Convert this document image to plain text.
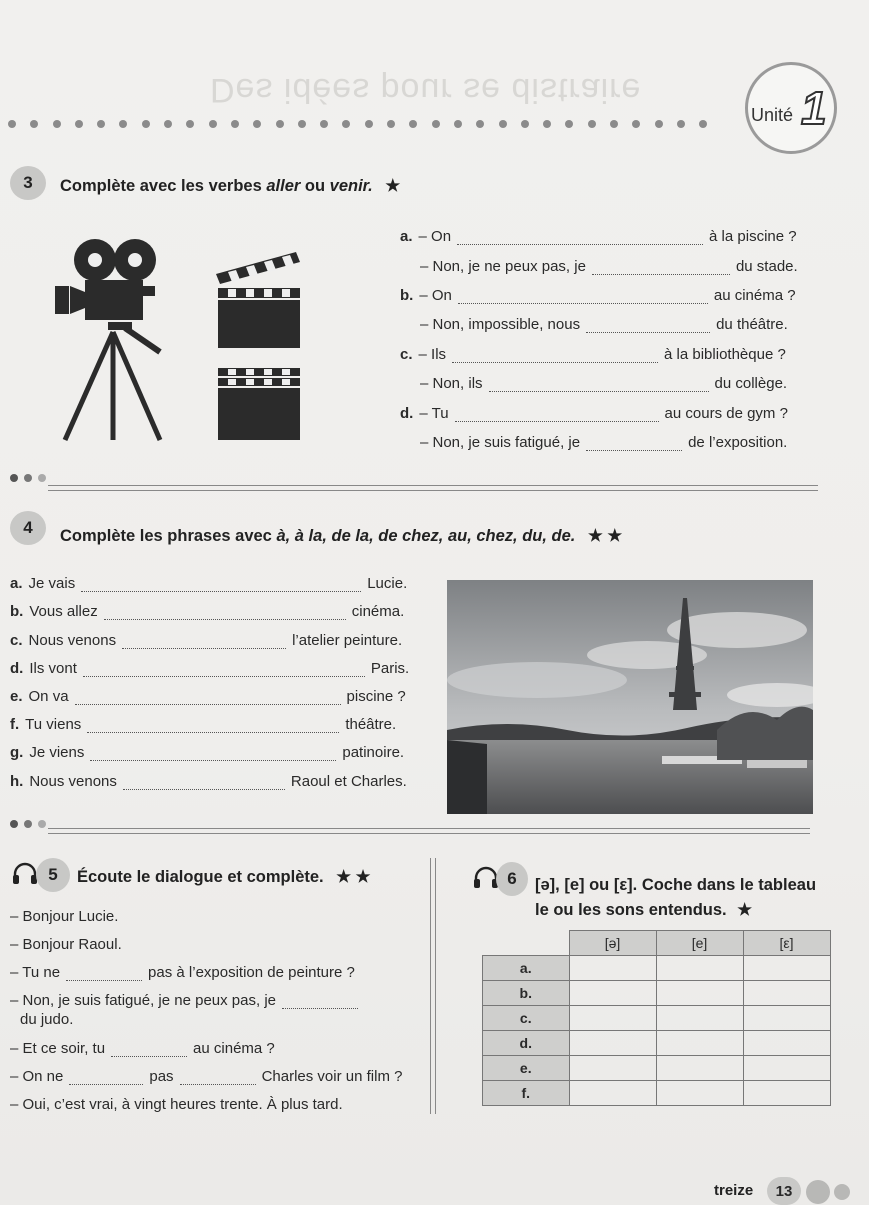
Des idées pour se distraire
Unité 1
3	Complète avec les verbes aller ou venir. ★
a. – On	à la piscine ?
– Non, je ne peux pas, je	du stade.
b. – On	au cinéma ?
– Non, impossible, nous	du théâtre.
c. – Ils	à la bibliothèque ?
– Non, ils	du collège.
d. – Tu	au cours de gym ?
– Non, je suis fatigué, je	de l’exposition.
4	Complète les phrases avec à, à la, de la, de chez, au, chez, du, de. ★ ★
a. Je vais	Lucie.
b. Vous allez	cinéma.
c. Nous venons	l’atelier peinture.
d. Ils vont	Paris.
e. On va	piscine ?
f. Tu viens	théâtre.
g. Je viens	patinoire.
h. Nous venons	Raoul et Charles.
5	Écoute le dialogue et complète. ★ ★
– Bonjour Lucie.
– Bonjour Raoul.
– Tu ne	pas à l’exposition de peinture ?
– Non, je suis fatigué, je ne peux pas, je
du judo.
– Et ce soir, tu	au cinéma ?
– On ne	pas	Charles voir un film ?
– Oui, c’est vrai, à vingt heures trente. À plus tard.
6	[ə], [e] ou [ε]. Coche dans le tableau
le ou les sons entendus. ★
	[ə]	[e]	[ε]
a.			
b.			
c.			
d.			
e.			
f.			
treize	13
